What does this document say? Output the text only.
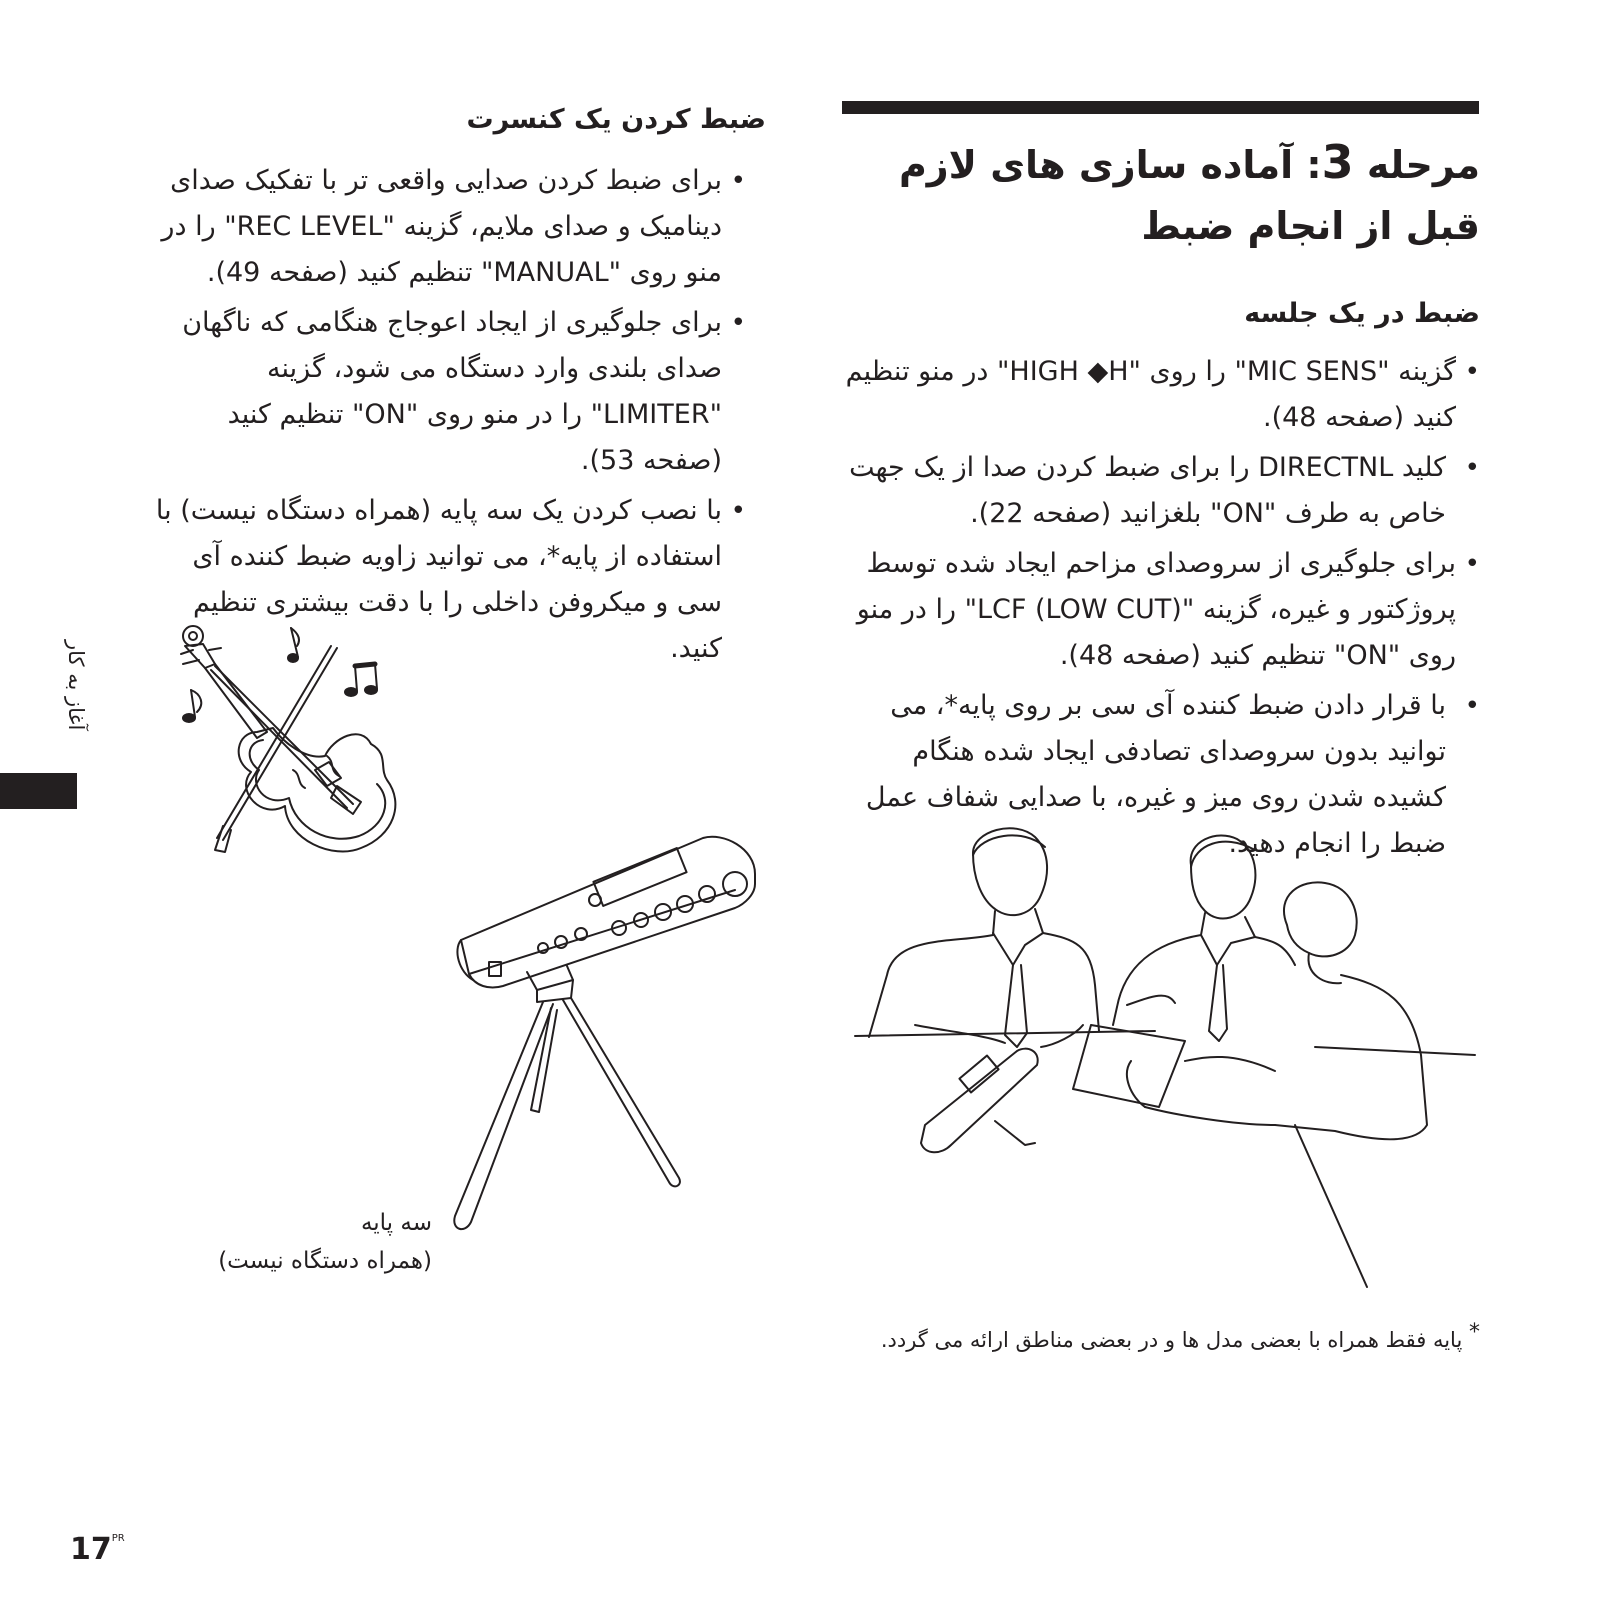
مرحله 3: آماده سازی های لازم قبل از انجام ضبط
ضبط در یک جلسه
• گزینه "MIC SENS" را روی "HIGH ◆H" در منو تنظیم کنید (صفحه 48).
• کلید DIRECTNL را برای ضبط کردن صدا از یک جهت خاص به طرف "ON" بلغزانید (صفحه 22).
• برای جلوگیری از سروصدای مزاحم ایجاد شده توسط پروژکتور و غیره، گزینه "LCF (LOW CUT)" را در منو روی "ON" تنظیم کنید (صفحه 48).
• با قرار دادن ضبط کننده آی سی بر روی پایه*، می توانید بدون سروصدای تصادفی ایجاد شده هنگام کشیده شدن روی میز و غیره، با صدایی شفاف عمل ضبط را انجام دهید.
ضبط کردن یک کنسرت
• برای ضبط کردن صدایی واقعی تر با تفکیک صدای دینامیک و صدای ملایم، گزینه "REC LEVEL" را در منو روی "MANUAL" تنظیم کنید (صفحه 49).
• برای جلوگیری از ایجاد اعوجاج هنگامی که ناگهان صدای بلندی وارد دستگاه می شود، گزینه "LIMITER" را در منو روی "ON" تنظیم کنید (صفحه 53).
• با نصب کردن یک سه پایه (همراه دستگاه نیست) با استفاده از پایه*، می توانید زاویه ضبط کننده آی سی و میکروفن داخلی را با دقت بیشتری تنظیم کنید.
سه پایه
(همراه دستگاه نیست)
* پایه فقط همراه با بعضی مدل ها و در بعضی مناطق ارائه می گردد.
آغاز به کار
$17^{PR}$
